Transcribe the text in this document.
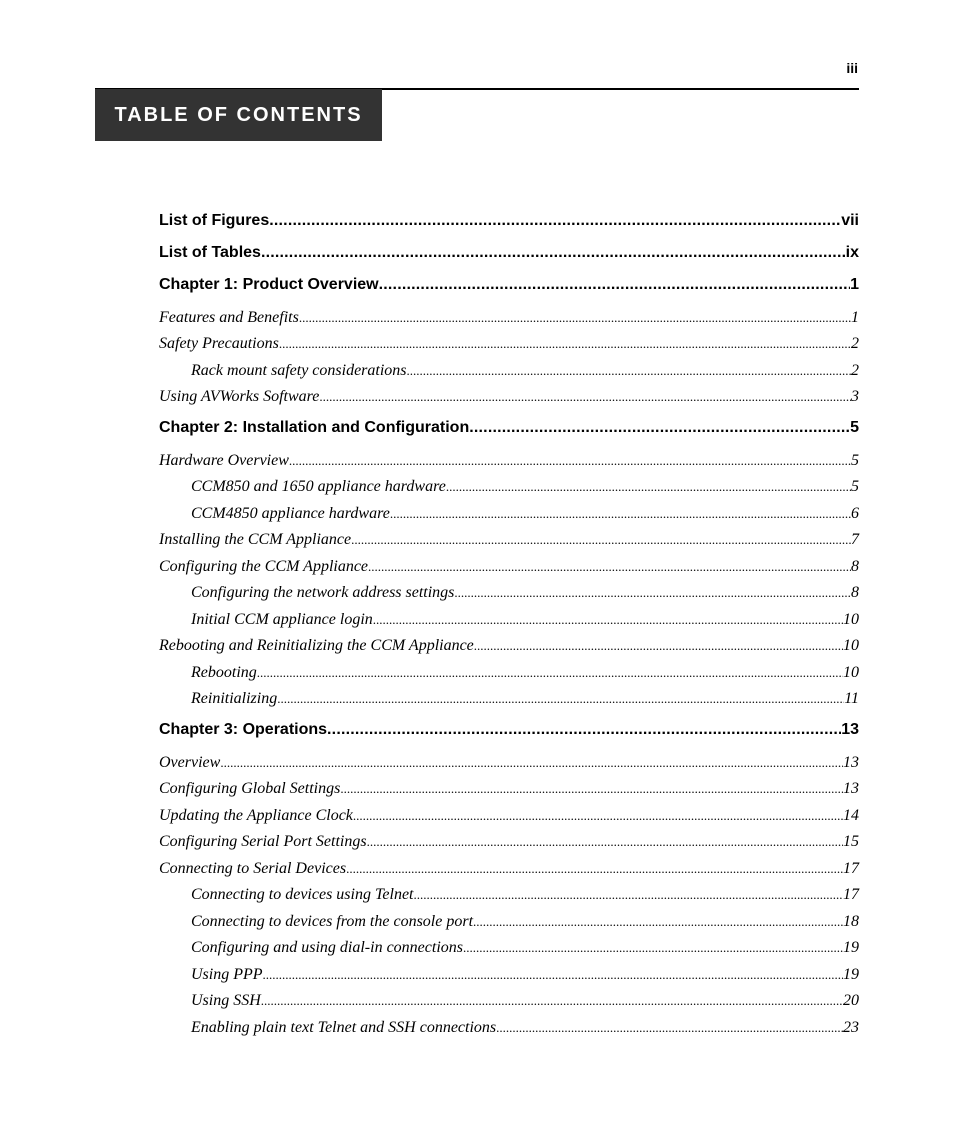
iii
TABLE OF CONTENTS
List of Figures .....	vii
List of Tables .....	ix
Chapter 1: Product Overview .....	1
Features and Benefits .....	1
Safety Precautions .....	2
Rack mount safety considerations .....	2
Using AVWorks Software .....	3
Chapter 2: Installation and Configuration .....	5
Hardware Overview .....	5
CCM850 and 1650 appliance hardware .....	5
CCM4850 appliance hardware .....	6
Installing the CCM Appliance .....	7
Configuring the CCM Appliance .....	8
Configuring the network address settings .....	8
Initial CCM appliance login .....	10
Rebooting and Reinitializing the CCM Appliance .....	10
Rebooting .....	10
Reinitializing .....	11
Chapter 3: Operations .....	13
Overview .....	13
Configuring Global Settings .....	13
Updating the Appliance Clock .....	14
Configuring Serial Port Settings .....	15
Connecting to Serial Devices .....	17
Connecting to devices using Telnet .....	17
Connecting to devices from the console port .....	18
Configuring and using dial-in connections .....	19
Using PPP .....	19
Using SSH .....	20
Enabling plain text Telnet and SSH connections .....	23
